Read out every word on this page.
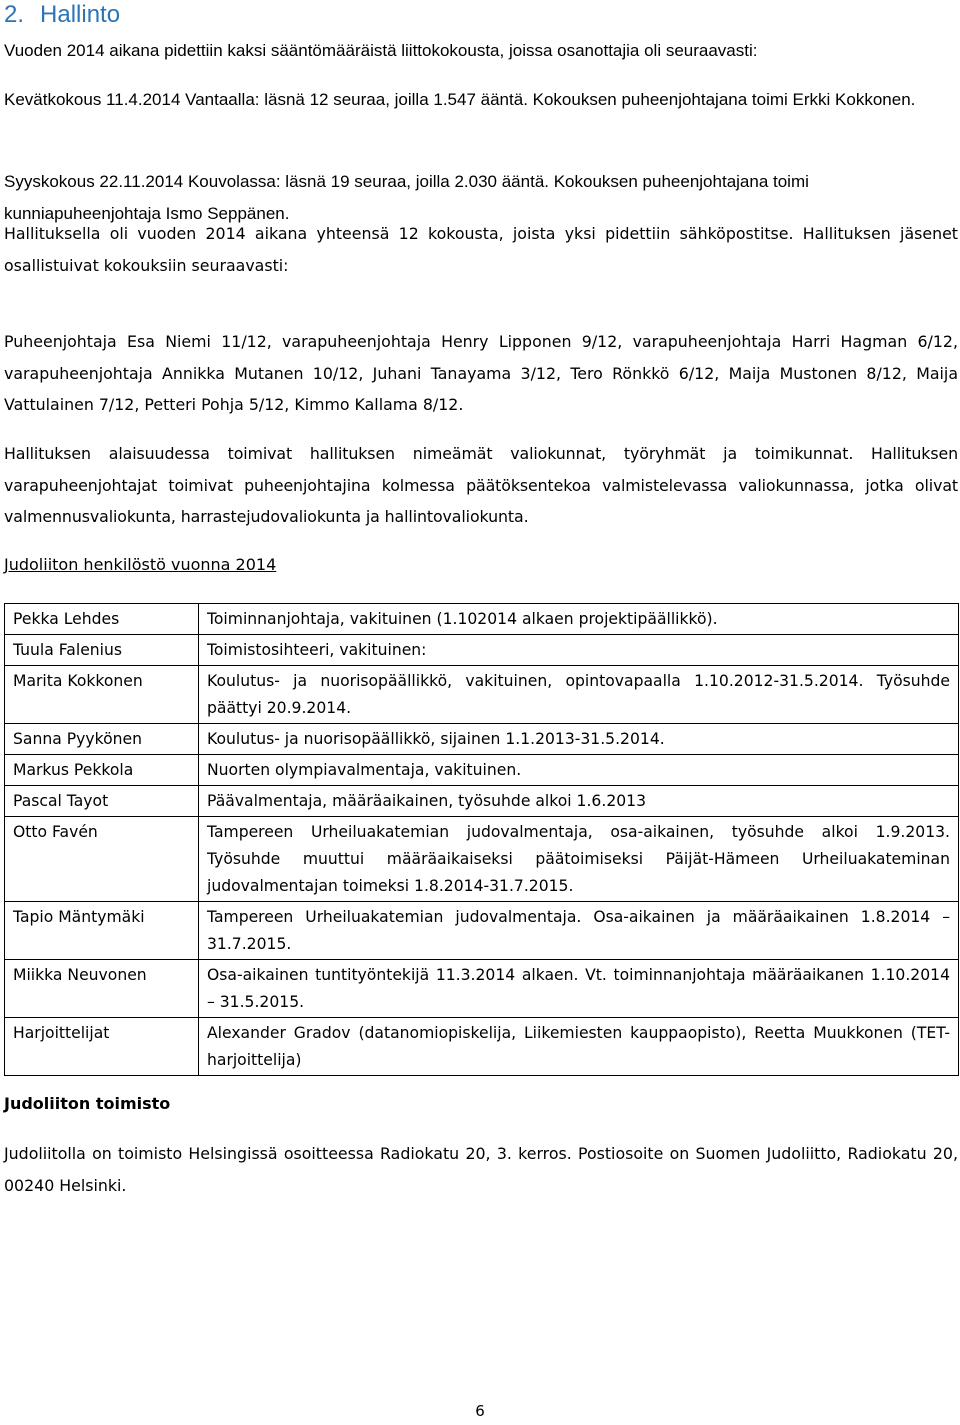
2. Hallinto
Vuoden 2014 aikana pidettiin kaksi sääntömääräistä liittokokousta, joissa osanottajia oli seuraavasti:
Kevätkokous 11.4.2014 Vantaalla: läsnä 12 seuraa, joilla 1.547 ääntä. Kokouksen puheenjohtajana toimi Erkki Kokkonen.
Syyskokous 22.11.2014 Kouvolassa: läsnä 19 seuraa, joilla 2.030 ääntä. Kokouksen puheenjohtajana toimi kunniapuheenjohtaja Ismo Seppänen.
Hallituksella oli vuoden 2014 aikana yhteensä 12 kokousta, joista yksi pidettiin sähköpostitse. Hallituksen jäsenet osallistuivat kokouksiin seuraavasti:
Puheenjohtaja Esa Niemi 11/12, varapuheenjohtaja Henry Lipponen 9/12, varapuheenjohtaja Harri Hagman 6/12, varapuheenjohtaja Annikka Mutanen 10/12, Juhani Tanayama 3/12, Tero Rönkkö 6/12, Maija Mustonen 8/12, Maija Vattulainen 7/12, Petteri Pohja 5/12, Kimmo Kallama 8/12.
Hallituksen alaisuudessa toimivat hallituksen nimeämät valiokunnat, työryhmät ja toimikunnat. Hallituksen varapuheenjohtajat toimivat puheenjohtajina kolmessa päätöksentekoa valmistelevassa valiokunnassa, jotka olivat valmennusvaliokunta, harrastejudovaliokunta ja hallintovaliokunta.
Judoliiton henkilöstö vuonna 2014
Pekka Lehdes	Toiminnanjohtaja, vakituinen (1.102014 alkaen projektipäällikkö).
Tuula Falenius	Toimistosihteeri, vakituinen:
Marita Kokkonen	Koulutus- ja nuorisopäällikkö, vakituinen, opintovapaalla 1.10.2012-31.5.2014. Työsuhde päättyi 20.9.2014.
Sanna Pyykönen	Koulutus- ja nuorisopäällikkö, sijainen 1.1.2013-31.5.2014.
Markus Pekkola	Nuorten olympiavalmentaja, vakituinen.
Pascal Tayot	Päävalmentaja, määräaikainen, työsuhde alkoi 1.6.2013
Otto Favén	Tampereen Urheiluakatemian judovalmentaja, osa-aikainen, työsuhde alkoi 1.9.2013. Työsuhde muuttui määräaikaiseksi päätoimiseksi Päijät-Hämeen Urheiluakateminan judovalmentajan toimeksi 1.8.2014-31.7.2015.
Tapio Mäntymäki	Tampereen Urheiluakatemian judovalmentaja. Osa-aikainen ja määräaikainen 1.8.2014 – 31.7.2015.
Miikka Neuvonen	Osa-aikainen tuntityöntekijä 11.3.2014 alkaen. Vt. toiminnanjohtaja määräaikanen 1.10.2014 – 31.5.2015.
Harjoittelijat	Alexander Gradov (datanomiopiskelija, Liikemiesten kauppaopisto), Reetta Muukkonen (TET-harjoittelija)
Judoliiton toimisto
Judoliitolla on toimisto Helsingissä osoitteessa Radiokatu 20, 3. kerros. Postiosoite on Suomen Judoliitto, Radiokatu 20, 00240 Helsinki.
6
